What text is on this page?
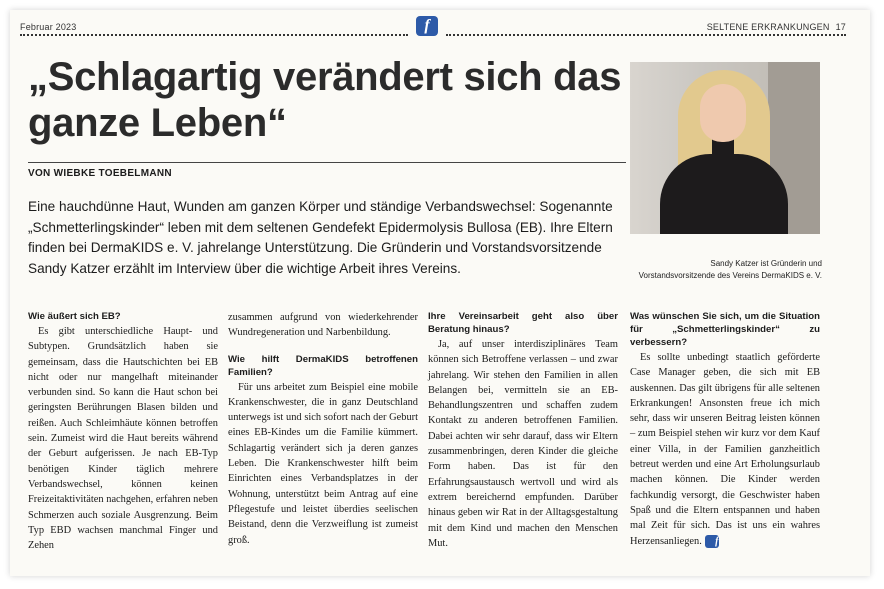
Februar 2023	f	SELTENE ERKRANKUNGEN 17
„Schlagartig verändert sich das ganze Leben“
VON WIEBKE TOEBELMANN
Eine hauchdünne Haut, Wunden am ganzen Körper und ständige Verbandswechsel: Sogenannte „Schmetterlingskinder“ leben mit dem seltenen Gendefekt Epidermolysis Bullosa (EB). Ihre Eltern finden bei DermaKIDS e. V. jahrelange Unterstützung. Die Gründerin und Vorstandsvorsitzende Sandy Katzer erzählt im Interview über die wichtige Arbeit ihres Vereins.	Sandy Katzer ist Gründerin und
Vorstandsvorsitzende des Vereins DermaKIDS e. V.
Wie äußert sich EB?

Es gibt unterschiedliche Haupt- und Subtypen. Grundsätzlich haben sie gemeinsam, dass die Hautschichten bei EB nicht oder nur mangelhaft miteinander verbunden sind. So kann die Haut schon bei geringsten Berührungen Blasen bilden und reißen. Auch Schleimhäute können betroffen sein. Zumeist wird die Haut bereits während der Geburt aufgerissen. Je nach EB-Typ benötigen Kinder täglich mehrere Verbandswechsel, können keinen Freizeitaktivitäten nachgehen, erfahren neben Schmerzen auch soziale Ausgrenzung. Beim Typ EBD wachsen manchmal Finger und Zehen

zusammen aufgrund von wiederkehrender Wundregeneration und Narbenbildung.

Wie hilft DermaKIDS betroffenen Familien?

Für uns arbeitet zum Beispiel eine mobile Krankenschwester, die in ganz Deutschland unterwegs ist und sich sofort nach der Geburt eines EB-Kindes um die Familie kümmert. Schlagartig verändert sich ja deren ganzes Leben. Die Krankenschwester hilft beim Einrichten eines Verbandsplatzes in der Wohnung, unterstützt beim Antrag auf eine Pflegestufe und leistet überdies seelischen Beistand, denn die Verzweiflung ist zumeist groß.

Ihre Vereinsarbeit geht also über Beratung hinaus?

Ja, auf unser interdisziplinäres Team können sich Betroffene verlassen – und zwar jahrelang. Wir stehen den Familien in allen Belangen bei, vermitteln sie an EB-Behandlungszentren und schaffen zudem Kontakt zu anderen betroffenen Familien. Dabei achten wir sehr darauf, dass wir Eltern zusammenbringen, deren Kinder die gleiche Form haben. Das ist für den Erfahrungsaustausch wertvoll und wird als extrem bereichernd empfunden. Darüber hinaus geben wir Rat in der Alltagsgestaltung mit dem Kind und machen den Menschen Mut.

Was wünschen Sie sich, um die Situation für „Schmetterlingskinder“ zu verbessern?

Es sollte unbedingt staatlich geförderte Case Manager geben, die sich mit EB auskennen. Das gilt übrigens für alle seltenen Erkrankungen! Ansonsten freue ich mich sehr, dass wir unseren Beitrag leisten können – zum Beispiel stehen wir kurz vor dem Kauf einer Villa, in der Familien ganzheitlich betreut werden und eine Art Erholungsurlaub machen können. Die Kinder werden fachkundig versorgt, die Geschwister haben Spaß und die Eltern entspannen und haben mal Zeit für sich. Das ist uns ein wahres Herzensanliegen. f
